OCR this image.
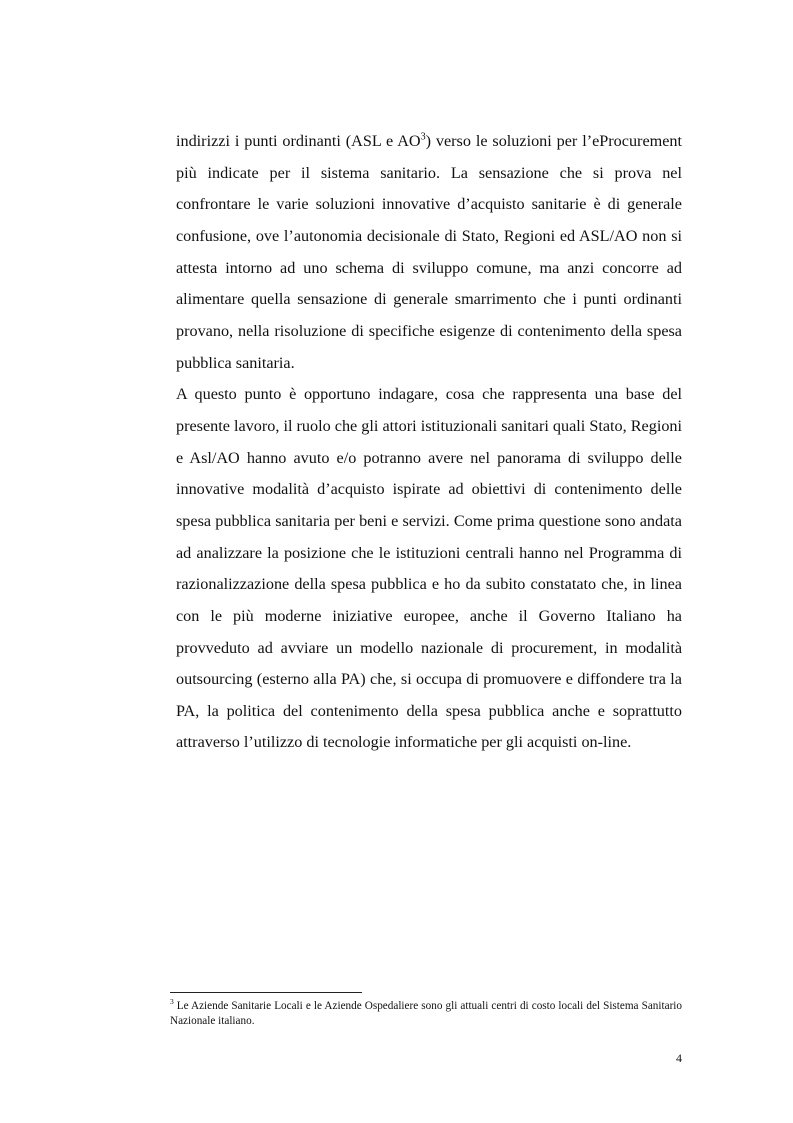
indirizzi i punti ordinanti (ASL e $AO^3$) verso le soluzioni per l’eProcurement più indicate per il sistema sanitario. La sensazione che si prova nel confrontare le varie soluzioni innovative d’acquisto sanitarie è di generale confusione, ove l’autonomia decisionale di Stato, Regioni ed ASL/AO non si attesta intorno ad uno schema di sviluppo comune, ma anzi concorre ad alimentare quella sensazione di generale smarrimento che i punti ordinanti provano, nella risoluzione di specifiche esigenze di contenimento della spesa pubblica sanitaria.

A questo punto è opportuno indagare, cosa che rappresenta una base del presente lavoro, il ruolo che gli attori istituzionali sanitari quali Stato, Regioni e Asl/AO hanno avuto e/o potranno avere nel panorama di sviluppo delle innovative modalità d’acquisto ispirate ad obiettivi di contenimento delle spesa pubblica sanitaria per beni e servizi. Come prima questione sono andata ad analizzare la posizione che le istituzioni centrali hanno nel Programma di razionalizzazione della spesa pubblica e ho da subito constatato che, in linea con le più moderne iniziative europee, anche il Governo Italiano ha provveduto ad avviare un modello nazionale di procurement, in modalità outsourcing (esterno alla PA) che, si occupa di promuovere e diffondere tra la PA, la politica del contenimento della spesa pubblica anche e soprattutto attraverso l’utilizzo di tecnologie informatiche per gli acquisti on-line.

$^3$ Le Aziende Sanitarie Locali e le Aziende Ospedaliere sono gli attuali centri di costo locali del Sistema Sanitario Nazionale italiano.

4
